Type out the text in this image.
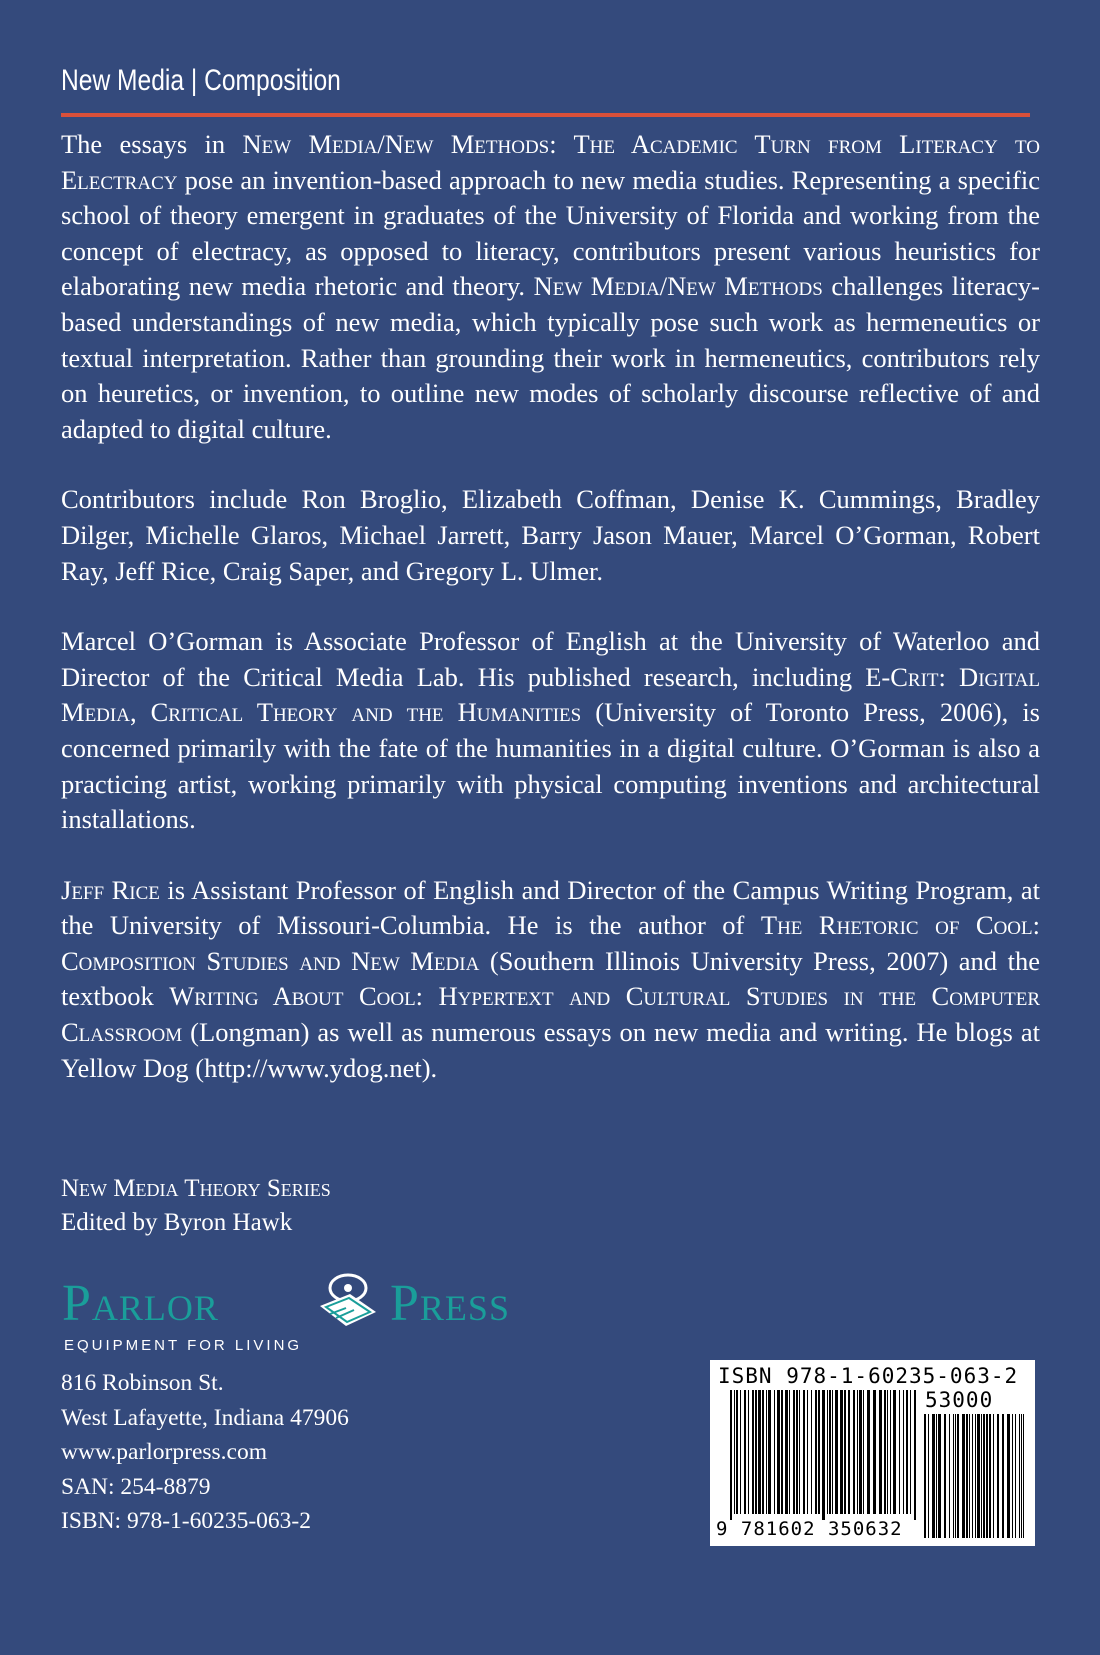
New Media | Composition

The essays in New Media/New Methods: The Academic Turn from Literacy to Electracy pose an invention-based approach to new media studies. Representing a specific school of theory emergent in graduates of the University of Florida and working from the concept of electracy, as opposed to literacy, contributors present various heuristics for elaborating new media rhetoric and theory. New Media/New Methods challenges literacy-based understandings of new media, which typically pose such work as hermeneutics or textual interpretation. Rather than grounding their work in hermeneutics, contributors rely on heuretics, or invention, to outline new modes of scholarly discourse reflective of and adapted to digital culture.

Contributors include Ron Broglio, Elizabeth Coffman, Denise K. Cummings, Bradley Dilger, Michelle Glaros, Michael Jarrett, Barry Jason Mauer, Marcel O’Gorman, Robert Ray, Jeff Rice, Craig Saper, and Gregory L. Ulmer.

Marcel O’Gorman is Associate Professor of English at the University of Waterloo and Director of the Critical Media Lab. His published research, including E-Crit: Digital Media, Critical Theory and the Humanities (University of Toronto Press, 2006), is concerned primarily with the fate of the humanities in a digital culture. O’Gorman is also a practicing artist, working primarily with physical computing inventions and architectural installations.

Jeff Rice is Assistant Professor of English and Director of the Campus Writing Program, at the University of Missouri-Columbia. He is the author of The Rhetoric of Cool: Composition Studies and New Media (Southern Illinois University Press, 2007) and the textbook Writing About Cool: Hypertext and Cultural Studies in the Computer Classroom (Longman) as well as numerous essays on new media and writing. He blogs at Yellow Dog (http://www.ydog.net).

New Media Theory Series
Edited by Byron Hawk
Parlor	Press
EQUIPMENT FOR LIVING
816 Robinson St.
West Lafayette, Indiana 47906
www.parlorpress.com
SAN: 254-8879
ISBN: 978-1-60235-063-2
ISBN 978-1-60235-063-2
53000
9 781602 350632
